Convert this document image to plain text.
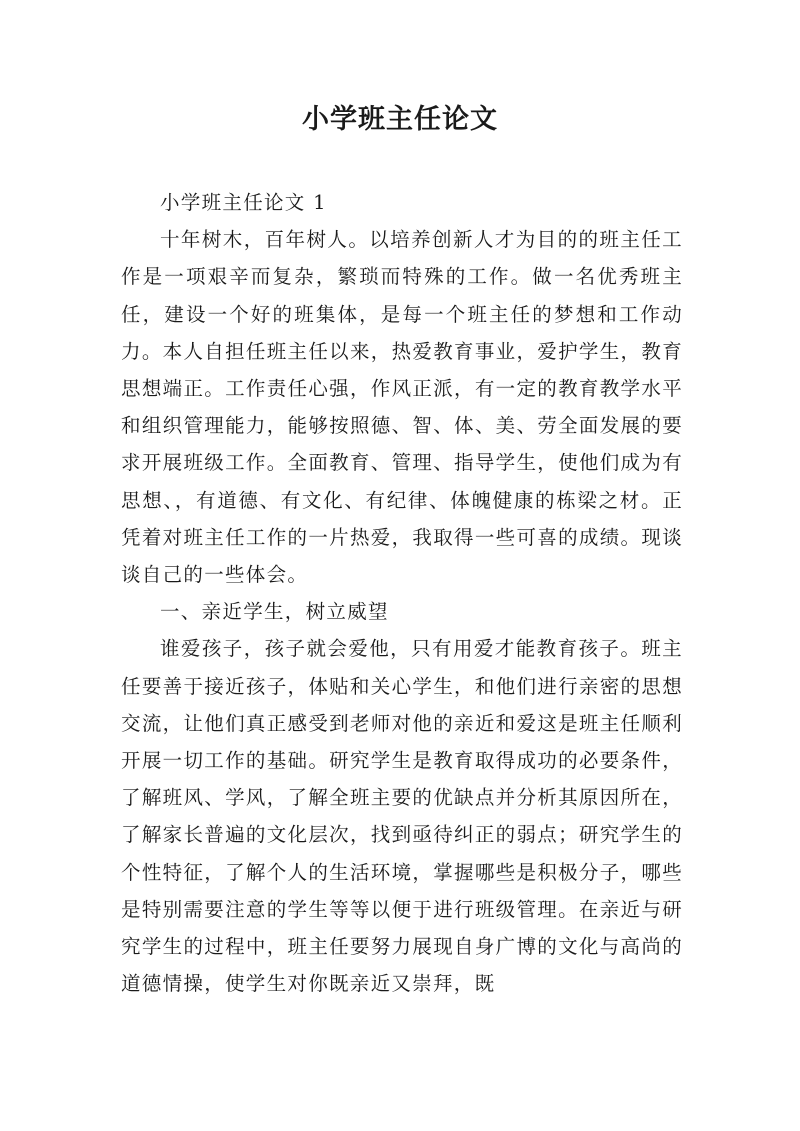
小学班主任论文

小学班主任论文 1

十年树木，百年树人。以培养创新人才为目的的班主任工作是一项艰辛而复杂，繁琐而特殊的工作。做一名优秀班主任，建设一个好的班集体，是每一个班主任的梦想和工作动力。本人自担任班主任以来，热爱教育事业，爱护学生，教育思想端正。工作责任心强，作风正派，有一定的教育教学水平和组织管理能力，能够按照德、智、体、美、劳全面发展的要求开展班级工作。全面教育、管理、指导学生，使他们成为有思想、，有道德、有文化、有纪律、体魄健康的栋梁之材。正凭着对班主任工作的一片热爱，我取得一些可喜的成绩。现谈谈自己的一些体会。

一、亲近学生，树立威望

谁爱孩子，孩子就会爱他，只有用爱才能教育孩子。班主任要善于接近孩子，体贴和关心学生，和他们进行亲密的思想交流，让他们真正感受到老师对他的亲近和爱这是班主任顺利开展一切工作的基础。研究学生是教育取得成功的必要条件，了解班风、学风，了解全班主要的优缺点并分析其原因所在，了解家长普遍的文化层次，找到亟待纠正的弱点；研究学生的个性特征，了解个人的生活环境，掌握哪些是积极分子，哪些是特别需要注意的学生等等以便于进行班级管理。在亲近与研究学生的过程中，班主任要努力展现自身广博的文化与高尚的道德情操，使学生对你既亲近又崇拜，既
